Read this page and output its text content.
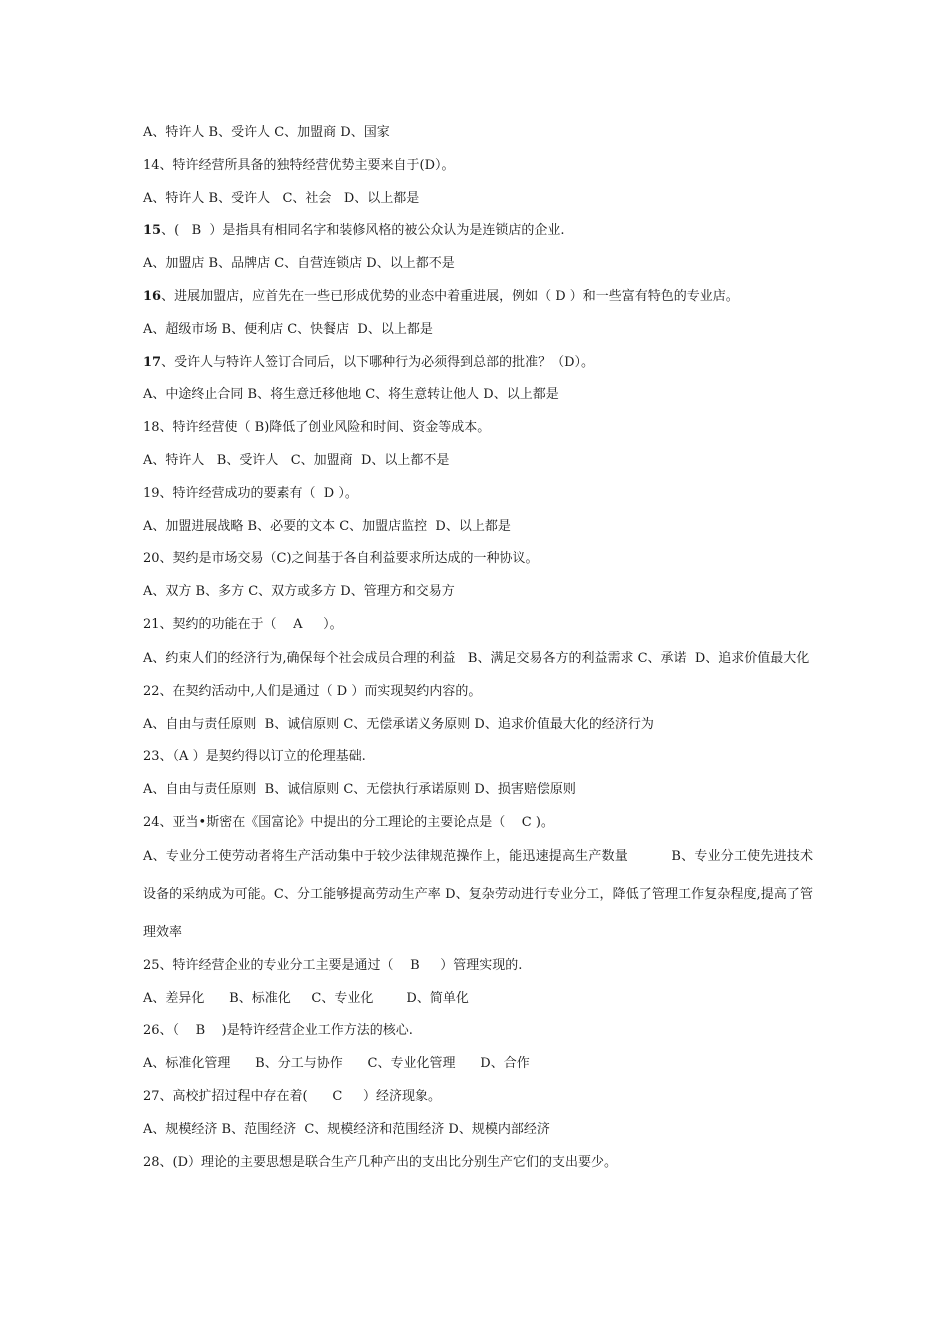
A、特许人 B、受许人 C、加盟商 D、国家

14、特许经营所具备的独特经营优势主要来自于(D）。

A、特许人 B、受许人   C、社会   D、以上都是

15、(   B  ）是指具有相同名字和装修风格的被公众认为是连锁店的企业.

A、加盟店 B、品牌店 C、自营连锁店 D、以上都不是

16、进展加盟店，应首先在一些已形成优势的业态中着重进展，例如（ D ）和一些富有特色的专业店。

A、超级市场 B、便利店 C、快餐店  D、以上都是

17、受许人与特许人签订合同后，以下哪种行为必须得到总部的批准？（D）。

A、中途终止合同 B、将生意迁移他地 C、将生意转让他人 D、以上都是

18、特许经营使（ B)降低了创业风险和时间、资金等成本。

A、特许人   B、受许人   C、加盟商  D、以上都不是

19、特许经营成功的要素有（  D ）。

A、加盟进展战略 B、必要的文本 C、加盟店监控  D、以上都是

20、契约是市场交易（C)之间基于各自利益要求所达成的一种协议。

A、双方 B、多方 C、双方或多方 D、管理方和交易方

21、契约的功能在于（    A     ）。

A、约束人们的经济行为,确保每个社会成员合理的利益   B、满足交易各方的利益需求 C、承诺  D、追求价值最大化

22、在契约活动中,人们是通过（ D ）而实现契约内容的。

A、自由与责任原则  B、诚信原则 C、无偿承诺义务原则 D、追求价值最大化的经济行为

23、（A ）是契约得以订立的伦理基础.

A、自由与责任原则  B、诚信原则 C、无偿执行承诺原则 D、损害赔偿原则

24、亚当•斯密在《国富论》中提出的分工理论的主要论点是（    C )。

A、专业分工使劳动者将生产活动集中于较少法律规范操作上，能迅速提高生产数量          B、专业分工使先进技术设备的采纳成为可能。C、分工能够提高劳动生产率 D、复杂劳动进行专业分工，降低了管理工作复杂程度,提高了管理效率

25、特许经营企业的专业分工主要是通过（    B     ）管理实现的.

A、差异化      B、标准化     C、专业化        D、简单化

26、（    B    )是特许经营企业工作方法的核心.

A、标准化管理      B、分工与协作      C、专业化管理      D、合作

27、高校扩招过程中存在着(      C     ）经济现象。

A、规模经济 B、范围经济  C、规模经济和范围经济 D、规模内部经济

28、(D）理论的主要思想是联合生产几种产出的支出比分别生产它们的支出要少。
